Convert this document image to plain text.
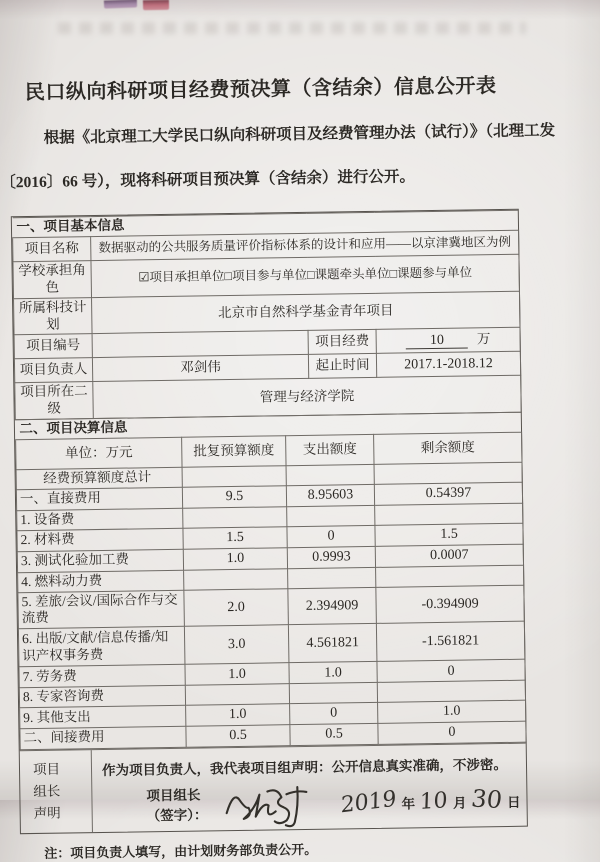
民口纵向科研项目经费预决算（含结余）信息公开表
根据《北京理工大学民口纵向科研项目及经费管理办法（试行）》（北理工发
〔2016〕66 号），现将科研项目预决算（含结余）进行公开。
一、项目基本信息			
项目名称	数据驱动的公共服务质量评价指标体系的设计和应用——以京津冀地区为例		
学校承担角色	☑项目承担单位□项目参与单位□课题牵头单位□课题参与单位		
所属科技计划	北京市自然科学基金青年项目		
项目编号		项目经费	10 万
项目负责人	邓剑伟	起止时间	2017.1-2018.12
项目所在二级	管理与经济学院		
二、项目决算信息			
单位：万元	批复预算额度	支出额度	剩余额度
经费预算额度总计			
一、直接费用	9.5	8.95603	0.54397
1. 设备费			
2. 材料费	1.5	0	1.5
3. 测试化验加工费	1.0	0.9993	0.0007
4. 燃料动力费			
5. 差旅/会议/国际合作与交流费	2.0	2.394909	-0.394909
6. 出版/文献/信息传播/知识产权事务费	3.0	4.561821	-1.561821
7. 劳务费	1.0	1.0	0
8. 专家咨询费			
9. 其他支出	1.0	0	1.0
二、间接费用	0.5	0.5	0
项目
组长
声明
作为项目负责人，我代表项目组声明：公开信息真实准确，不涉密。
项目组长（签字）：	2019 年 10 月 30 日
注：项目负责人填写，由计划财务部负责公开。
